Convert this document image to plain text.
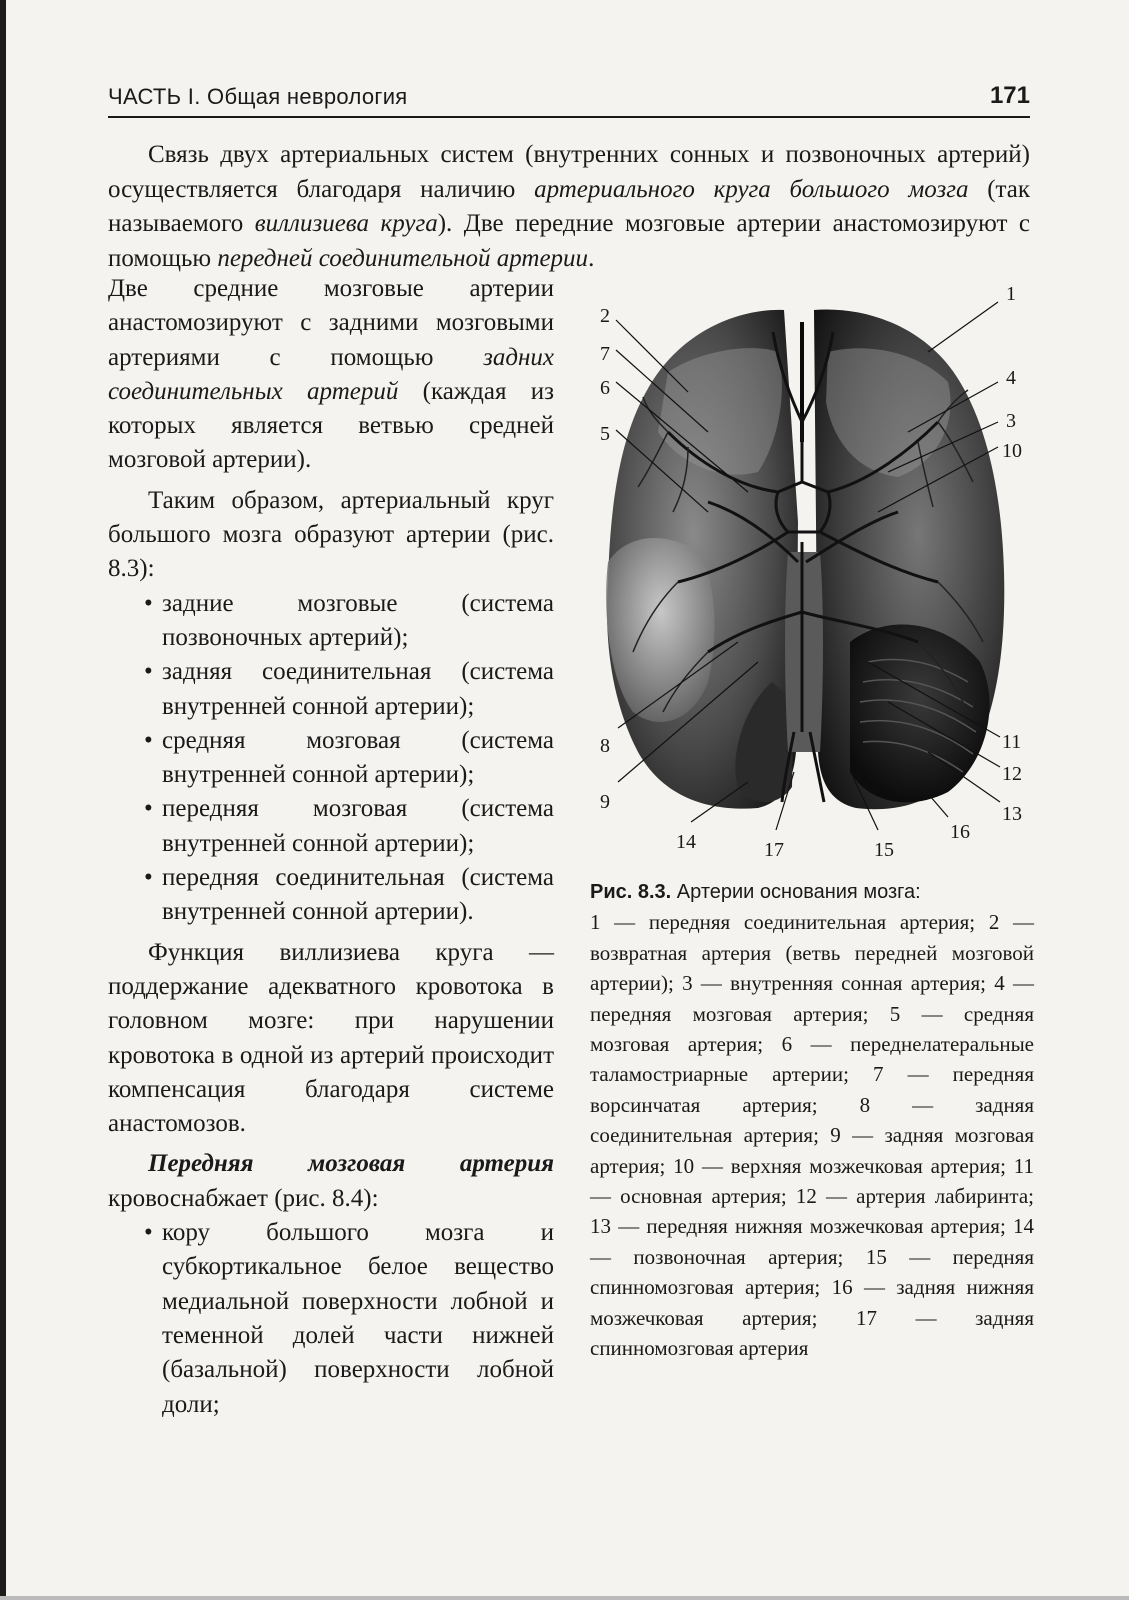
ЧАСТЬ I. Общая неврология	171

Связь двух артериальных систем (внутренних сонных и позвоночных артерий) осуществляется благодаря наличию артериального круга большого мозга (так называемого виллизиева круга). Две передние мозговые артерии анастомозируют с помощью передней соединительной артерии.

Две средние мозговые артерии анастомозируют с задними мозговыми артериями с помощью задних соединительных артерий (каждая из которых является ветвью средней мозговой артерии).

Таким образом, артериальный круг большого мозга образуют артерии (рис. 8.3):

• задние мозговые (система позвоночных артерий);
• задняя соединительная (система внутренней сонной артерии);
• средняя мозговая (система внутренней сонной артерии);
• передняя мозговая (система внутренней сонной артерии);
• передняя соединительная (система внутренней сонной артерии).

Функция виллизиева круга — поддержание адекватного кровотока в головном мозге: при нарушении кровотока в одной из артерий происходит компенсация благодаря системе анастомозов.

Передняя мозговая артерия кровоснабжает (рис. 8.4):

• кору большого мозга и субкортикальное белое вещество медиальной поверхности лобной и теменной долей части нижней (базальной) поверхности лобной доли;
1
2
7
6
5
4
3
10
8
9
11
12
13
14	17	15
16

Рис. 8.3. Артерии основания мозга:
1 — передняя соединительная артерия; 2 — возвратная артерия (ветвь передней мозговой артерии); 3 — внутренняя сонная артерия; 4 — передняя мозговая артерия; 5 — средняя мозговая артерия; 6 — переднелатеральные таламостриарные артерии; 7 — передняя ворсинчатая артерия; 8 — задняя соединительная артерия; 9 — задняя мозговая артерия; 10 — верхняя мозжечковая артерия; 11 — основная артерия; 12 — артерия лабиринта; 13 — передняя нижняя мозжечковая артерия; 14 — позвоночная артерия; 15 — передняя спинномозговая артерия; 16 — задняя нижняя мозжечковая артерия; 17 — задняя спинномозговая артерия
